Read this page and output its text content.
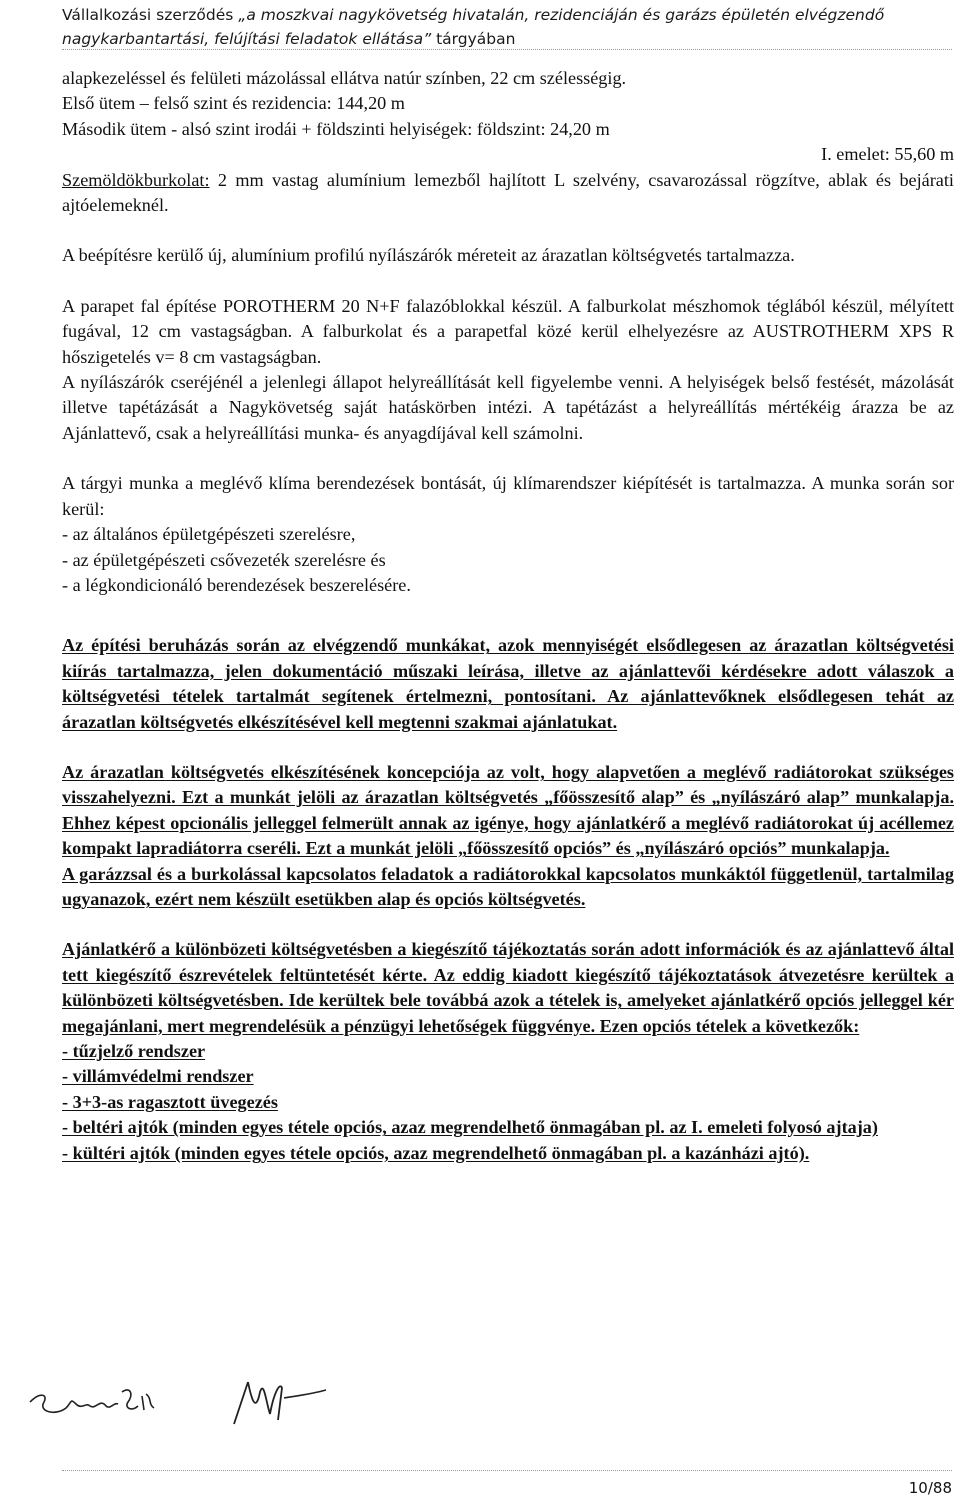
Vállalkozási szerződés „a moszkvai nagykövetség hivatalán, rezidenciáján és garázs épületén elvégzendő nagykarbantartási, felújítási feladatok ellátása” tárgyában

alapkezeléssel és felületi mázolással ellátva natúr színben, 22 cm szélességig.

Első ütem – felső szint és rezidencia: 144,20 m

Második ütem - alsó szint irodái + földszinti helyiségek: földszint: 24,20 m

I. emelet: 55,60 m

Szemöldökburkolat: 2 mm vastag alumínium lemezből hajlított L szelvény, csavarozással rögzítve, ablak és bejárati ajtóelemeknél.

A beépítésre kerülő új, alumínium profilú nyílászárók méreteit az árazatlan költségvetés tartalmazza.

A parapet fal építése POROTHERM 20 N+F falazóblokkal készül. A falburkolat mészhomok téglából készül, mélyített fugával, 12 cm vastagságban. A falburkolat és a parapetfal közé kerül elhelyezésre az AUSTROTHERM XPS R hőszigetelés v= 8 cm vastagságban.

A nyílászárók cseréjénél a jelenlegi állapot helyreállítását kell figyelembe venni. A helyiségek belső festését, mázolását illetve tapétázását a Nagykövetség saját hatáskörben intézi. A tapétázást a helyreállítás mértékéig árazza be az Ajánlattevő, csak a helyreállítási munka- és anyagdíjával kell számolni.

A tárgyi munka a meglévő klíma berendezések bontását, új klímarendszer kiépítését is tartalmazza. A munka során sor kerül:

- az általános épületgépészeti szerelésre,

- az épületgépészeti csővezeték szerelésre és

- a légkondicionáló berendezések beszerelésére.

Az építési beruházás során az elvégzendő munkákat, azok mennyiségét elsődlegesen az árazatlan költségvetési kiírás tartalmazza, jelen dokumentáció műszaki leírása, illetve az ajánlattevői kérdésekre adott válaszok a költségvetési tételek tartalmát segítenek értelmezni, pontosítani. Az ajánlattevőknek elsődlegesen tehát az árazatlan költségvetés elkészítésével kell megtenni szakmai ajánlatukat.

Az árazatlan költségvetés elkészítésének koncepciója az volt, hogy alapvetően a meglévő radiátorokat szükséges visszahelyezni. Ezt a munkát jelöli az árazatlan költségvetés „főösszesítő alap” és „nyílászáró alap” munkalapja. Ehhez képest opcionális jelleggel felmerült annak az igénye, hogy ajánlatkérő a meglévő radiátorokat új acéllemez kompakt lapradiátorra cseréli. Ezt a munkát jelöli „főösszesítő opciós” és „nyílászáró opciós” munkalapja.

A garázzsal és a burkolással kapcsolatos feladatok a radiátorokkal kapcsolatos munkáktól függetlenül, tartalmilag ugyanazok, ezért nem készült esetükben alap és opciós költségvetés.

Ajánlatkérő a különbözeti költségvetésben a kiegészítő tájékoztatás során adott információk és az ajánlattevő által tett kiegészítő észrevételek feltüntetését kérte. Az eddig kiadott kiegészítő tájékoztatások átvezetésre kerültek a különbözeti költségvetésben. Ide kerültek bele továbbá azok a tételek is, amelyeket ajánlatkérő opciós jelleggel kér megajánlani, mert megrendelésük a pénzügyi lehetőségek függvénye. Ezen opciós tételek a következők:

- tűzjelző rendszer

- villámvédelmi rendszer

- 3+3-as ragasztott üvegezés

- beltéri ajtók (minden egyes tétele opciós, azaz megrendelhető önmagában pl. az I. emeleti folyosó ajtaja)

- kültéri ajtók (minden egyes tétele opciós, azaz megrendelhető önmagában pl. a kazánházi ajtó).

10/88
